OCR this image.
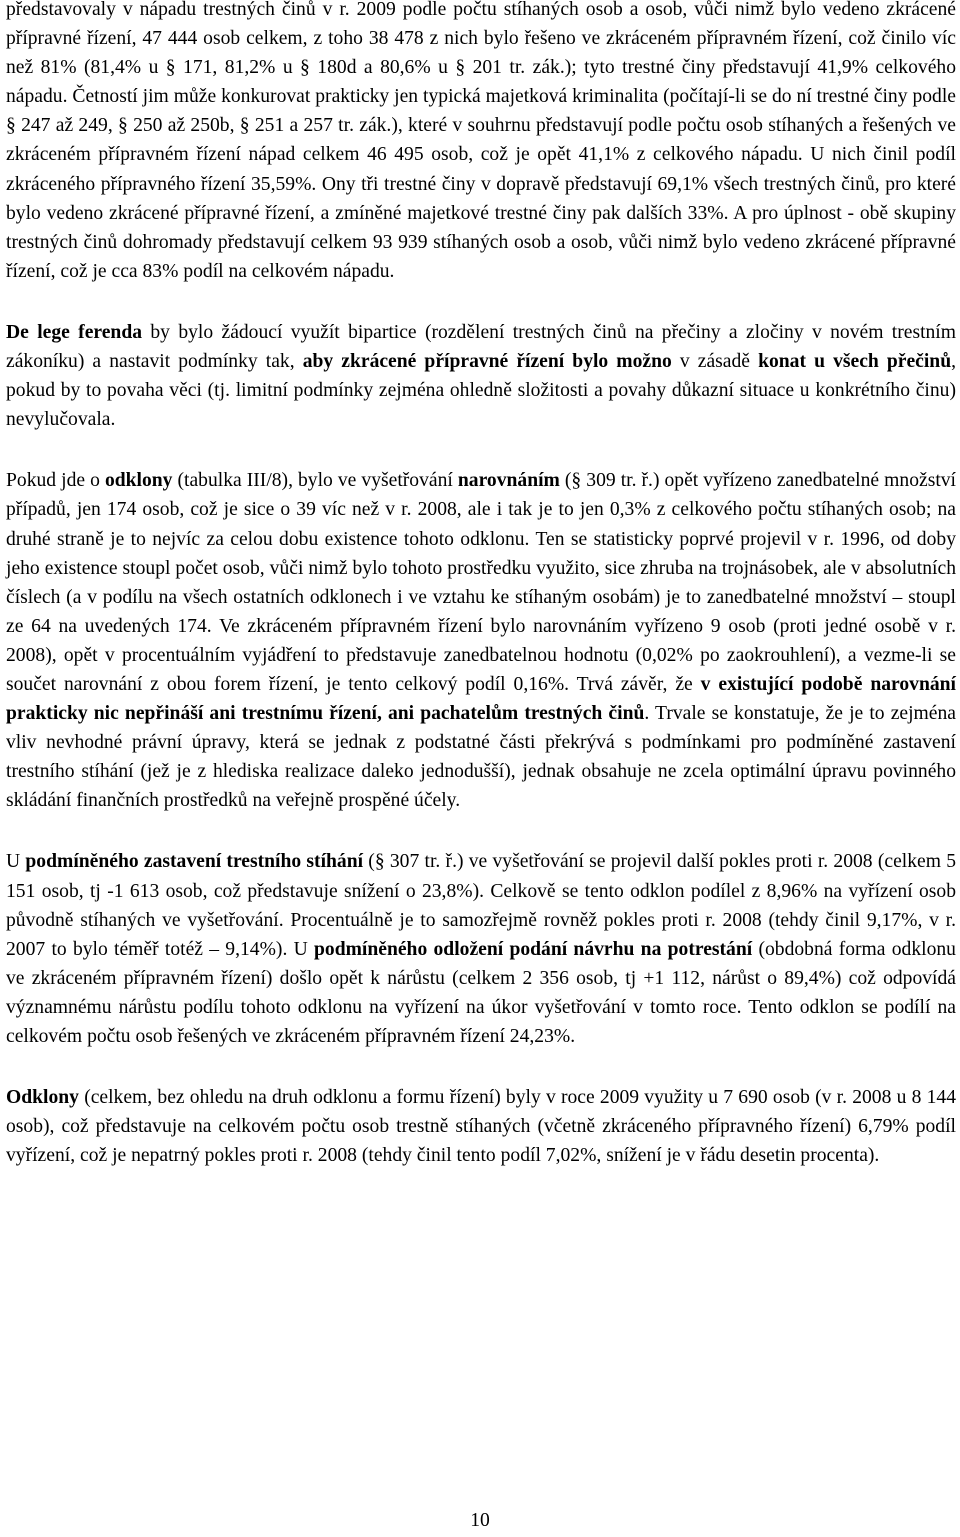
představovaly v nápadu trestných činů v r. 2009 podle počtu stíhaných osob a osob, vůči nimž bylo vedeno zkrácené přípravné řízení, 47 444 osob celkem, z toho 38 478 z nich bylo řešeno ve zkráceném přípravném řízení, což činilo víc než 81% (81,4% u § 171, 81,2% u § 180d a 80,6% u § 201 tr. zák.); tyto trestné činy představují 41,9% celkového nápadu. Četností jim může konkurovat prakticky jen typická majetková kriminalita (počítají-li se do ní trestné činy podle § 247 až 249, § 250 až 250b, § 251 a 257 tr. zák.), které v souhrnu představují podle počtu osob stíhaných a řešených ve zkráceném přípravném řízení nápad celkem 46 495 osob, což je opět 41,1% z celkového nápadu. U nich činil podíl zkráceného přípravného řízení 35,59%. Ony tři trestné činy v dopravě představují 69,1% všech trestných činů, pro které bylo vedeno zkrácené přípravné řízení, a zmíněné majetkové trestné činy pak dalších 33%. A pro úplnost - obě skupiny trestných činů dohromady představují celkem 93 939 stíhaných osob a osob, vůči nimž bylo vedeno zkrácené přípravné řízení, což je cca 83% podíl na celkovém nápadu.

De lege ferenda by bylo žádoucí využít bipartice (rozdělení trestných činů na přečiny a zločiny v novém trestním zákoníku) a nastavit podmínky tak, aby zkrácené přípravné řízení bylo možno v zásadě konat u všech přečinů, pokud by to povaha věci (tj. limitní podmínky zejména ohledně složitosti a povahy důkazní situace u konkrétního činu) nevylučovala.

Pokud jde o odklony (tabulka III/8), bylo ve vyšetřování narovnáním (§ 309 tr. ř.) opět vyřízeno zanedbatelné množství případů, jen 174 osob, což je sice o 39 víc než v r. 2008, ale i tak je to jen 0,3% z celkového počtu stíhaných osob; na druhé straně je to nejvíc za celou dobu existence tohoto odklonu. Ten se statisticky poprvé projevil v r. 1996, od doby jeho existence stoupl počet osob, vůči nimž bylo tohoto prostředku využito, sice zhruba na trojnásobek, ale v absolutních číslech (a v podílu na všech ostatních odklonech i ve vztahu ke stíhaným osobám) je to zanedbatelné množství – stoupl ze 64 na uvedených 174. Ve zkráceném přípravném řízení bylo narovnáním vyřízeno 9 osob (proti jedné osobě v r. 2008), opět v procentuálním vyjádření to představuje zanedbatelnou hodnotu (0,02% po zaokrouhlení), a vezme-li se součet narovnání z obou forem řízení, je tento celkový podíl 0,16%. Trvá závěr, že v existující podobě narovnání prakticky nic nepřináší ani trestnímu řízení, ani pachatelům trestných činů. Trvale se konstatuje, že je to zejména vliv nevhodné právní úpravy, která se jednak z podstatné části překrývá s podmínkami pro podmíněné zastavení trestního stíhání (jež je z hlediska realizace daleko jednodušší), jednak obsahuje ne zcela optimální úpravu povinného skládání finančních prostředků na veřejně prospěné účely.

U podmíněného zastavení trestního stíhání (§ 307 tr. ř.) ve vyšetřování se projevil další pokles proti r. 2008 (celkem 5 151 osob, tj -1 613 osob, což představuje snížení o 23,8%). Celkově se tento odklon podílel z 8,96% na vyřízení osob původně stíhaných ve vyšetřování. Procentuálně je to samozřejmě rovněž pokles proti r. 2008 (tehdy činil 9,17%, v r. 2007 to bylo téměř totéž – 9,14%). U podmíněného odložení podání návrhu na potrestání (obdobná forma odklonu ve zkráceném přípravném řízení) došlo opět k nárůstu (celkem 2 356 osob, tj +1 112, nárůst o 89,4%) což odpovídá významnému nárůstu podílu tohoto odklonu na vyřízení na úkor vyšetřování v tomto roce. Tento odklon se podílí na celkovém počtu osob řešených ve zkráceném přípravném řízení 24,23%.

Odklony (celkem, bez ohledu na druh odklonu a formu řízení) byly v roce 2009 využity u 7 690 osob (v r. 2008 u 8 144 osob), což představuje na celkovém počtu osob trestně stíhaných (včetně zkráceného přípravného řízení) 6,79% podíl vyřízení, což je nepatrný pokles proti r. 2008 (tehdy činil tento podíl 7,02%, snížení je v řádu desetin procenta).

10
